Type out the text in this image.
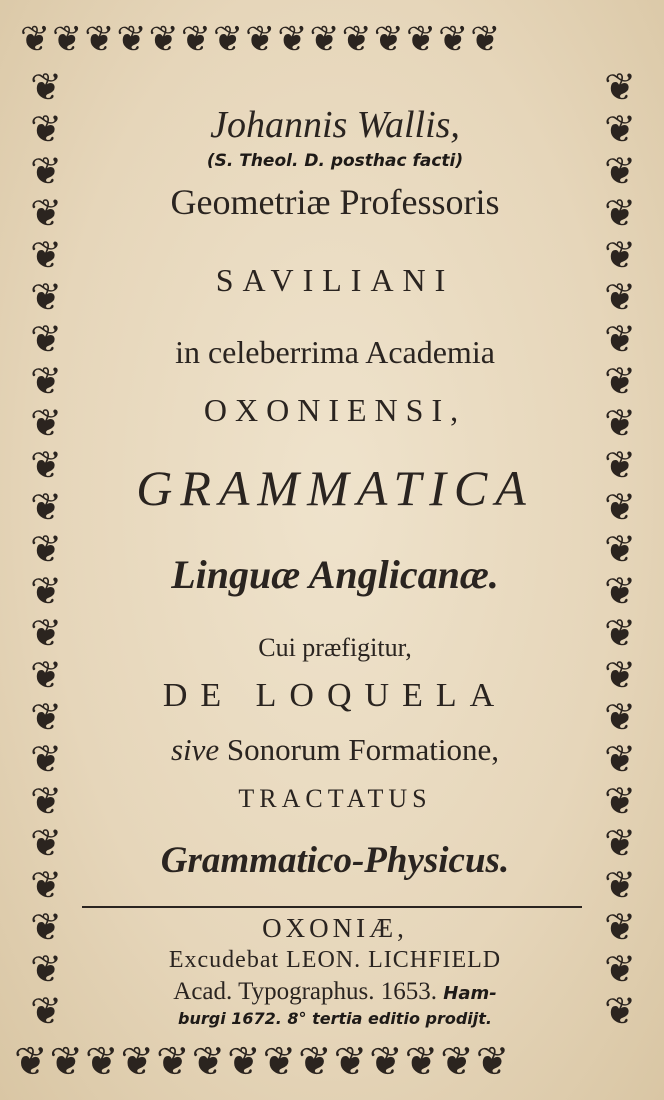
❦❦❦❦❦❦❦❦❦❦❦❦❦❦❦
❦❦❦❦❦❦❦❦❦❦❦❦❦❦❦❦❦❦❦❦❦❦❦
❦❦❦❦❦❦❦❦❦❦❦❦❦❦❦❦❦❦❦❦❦❦❦
❦❦❦❦❦❦❦❦❦❦❦❦❦❦
Johannis Wallis,
(S. Theol. D. posthac facti)
Geometriæ Professoris
SAVILIANI
in celeberrima Academia
OXONIENSI,
GRAMMATICA
Linguæ Anglicanæ.
Cui præfigitur,
DE LOQUELA
sive Sonorum Formatione,
TRACTATUS
Grammatico-Physicus.
OXONIÆ,
Excudebat LEON. LICHFIELD
Acad. Typographus. 1653. Ham-
burgi 1672. 8° tertia editio prodijt.
